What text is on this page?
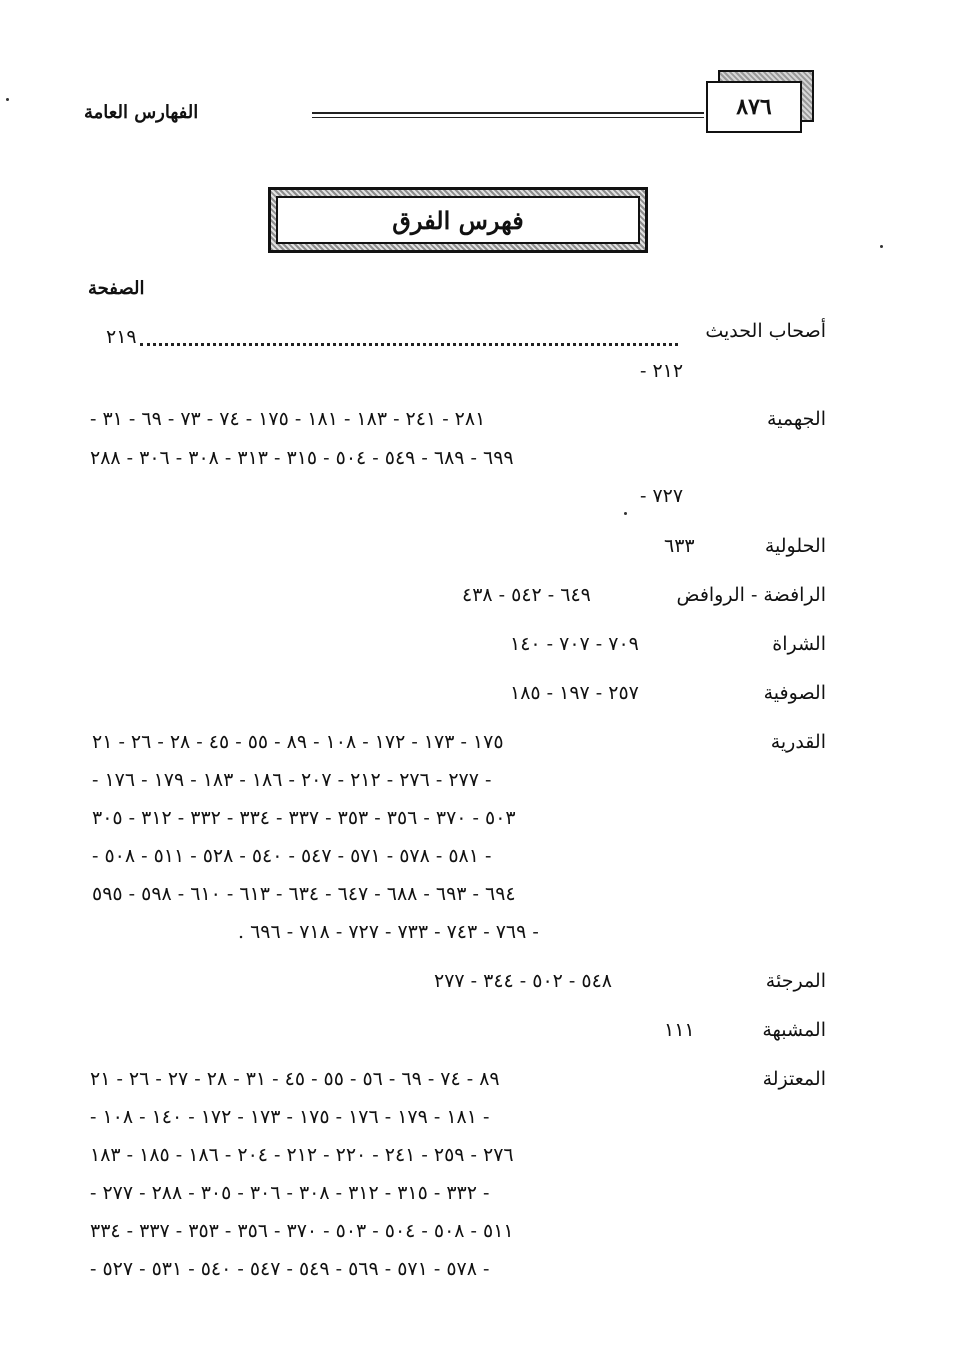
الفهارس العامة	٨٧٦
فهرس الفرق
الصفحة
أصحاب الحديث
٢١٩
- ٢١٢
الجهمية
- ٢٨١ - ٢٤١ - ١٨٣ - ١٨١ - ١٧٥ - ٧٤ - ٧٣ - ٦٩ - ٣١
٦٩٩ - ٦٨٩ - ٥٤٩ - ٥٠٤ - ٣١٥ - ٣١٣ - ٣٠٨ - ٣٠٦ - ٢٨٨
- ٧٢٧
الحلولية
٦٣٣
الرافضة - الروافض
٦٤٩ - ٥٤٢ - ٤٣٨
الشراة
٧٠٩ - ٧٠٧ - ١٤٠
الصوفية
٢٥٧ - ١٩٧ - ١٨٥
القدرية
١٧٥ - ١٧٣ - ١٧٢ - ١٠٨ - ٨٩ - ٥٥ - ٤٥ - ٢٨ - ٢٦ - ٢١
- ٢٧٧ - ٢٧٦ - ٢١٢ - ٢٠٧ - ١٨٦ - ١٨٣ - ١٧٩ - ١٧٦ -
٥٠٣ - ٣٧٠ - ٣٥٦ - ٣٥٣ - ٣٣٧ - ٣٣٤ - ٣٣٢ - ٣١٢ - ٣٠٥
- ٥٨١ - ٥٧٨ - ٥٧١ - ٥٤٧ - ٥٤٠ - ٥٢٨ - ٥١١ - ٥٠٨ -
٦٩٤ - ٦٩٣ - ٦٨٨ - ٦٤٧ - ٦٣٤ - ٦١٣ - ٦١٠ - ٥٩٨ - ٥٩٥
. ٧٦٩ - ٧٤٣ - ٧٣٣ - ٧٢٧ - ٧١٨ - ٦٩٦ -
المرجئة
٥٤٨ - ٥٠٢ - ٣٤٤ - ٢٧٧
المشبهة
١١١
المعتزلة
٨٩ - ٧٤ - ٦٩ - ٥٦ - ٥٥ - ٤٥ - ٣١ - ٢٨ - ٢٧ - ٢٦ - ٢١
- ١٨١ - ١٧٩ - ١٧٦ - ١٧٥ - ١٧٣ - ١٧٢ - ١٤٠ - ١٠٨ -
٢٧٦ - ٢٥٩ - ٢٤١ - ٢٢٠ - ٢١٢ - ٢٠٤ - ١٨٦ - ١٨٥ - ١٨٣
- ٣٣٢ - ٣١٥ - ٣١٢ - ٣٠٨ - ٣٠٦ - ٣٠٥ - ٢٨٨ - ٢٧٧ -
٥١١ - ٥٠٨ - ٥٠٤ - ٥٠٣ - ٣٧٠ - ٣٥٦ - ٣٥٣ - ٣٣٧ - ٣٣٤
- ٥٧٨ - ٥٧١ - ٥٦٩ - ٥٤٩ - ٥٤٧ - ٥٤٠ - ٥٣١ - ٥٢٧ -
